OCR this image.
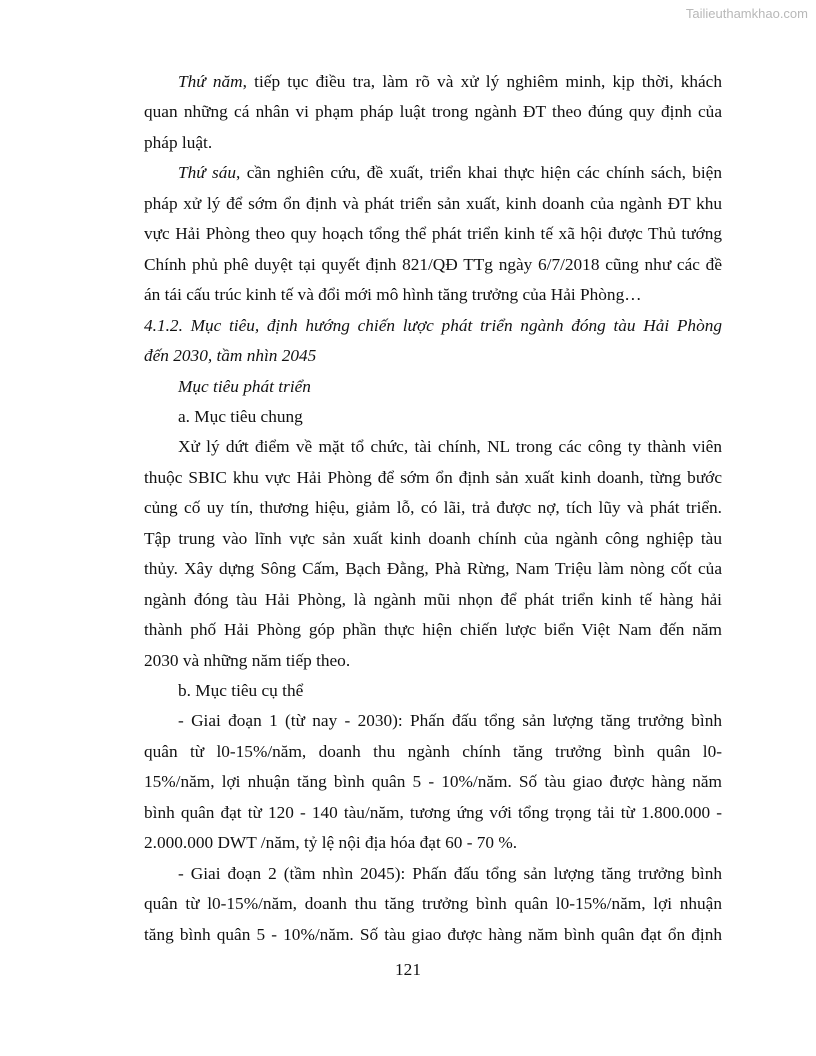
Tailieuthamkhao.com
Thứ năm, tiếp tục điều tra, làm rõ và xử lý nghiêm minh, kịp thời, khách
quan những cá nhân vi phạm pháp luật trong ngành ĐT theo đúng quy định của
pháp luật.
Thứ sáu, cần nghiên cứu, đề xuất, triển khai thực hiện các chính sách, biện
pháp xử lý để sớm ổn định và phát triển sản xuất, kinh doanh của ngành ĐT khu
vực Hải Phòng theo quy hoạch tổng thể phát triển kinh tế xã hội được Thủ tướng
Chính phủ phê duyệt tại quyết định 821/QĐ TTg ngày 6/7/2018 cũng như các đề
án tái cấu trúc kinh tế và đổi mới mô hình tăng trưởng của Hải Phòng…
4.1.2. Mục tiêu, định hướng chiến lược phát triển ngành đóng tàu Hải Phòng
đến 2030, tầm nhìn 2045
Mục tiêu phát triển
a. Mục tiêu chung
Xử lý dứt điểm về mặt tổ chức, tài chính, NL trong các công ty thành viên
thuộc SBIC khu vực Hải Phòng để sớm ổn định sản xuất kinh doanh, từng bước
củng cố uy tín, thương hiệu, giảm lỗ, có lãi, trả được nợ, tích lũy và phát triển.
Tập trung vào lĩnh vực sản xuất kinh doanh chính của ngành công nghiệp tàu
thủy. Xây dựng Sông Cấm, Bạch Đằng, Phà Rừng, Nam Triệu làm nòng cốt của
ngành đóng tàu Hải Phòng, là ngành mũi nhọn để phát triển kinh tế hàng hải
thành phố Hải Phòng góp phần thực hiện chiến lược biển Việt Nam đến năm
2030 và những năm tiếp theo.
b. Mục tiêu cụ thể
- Giai đoạn 1 (từ nay - 2030): Phấn đấu tổng sản lượng tăng trưởng bình
quân từ l0-15%/năm, doanh thu ngành chính tăng trưởng bình quân l0-
15%/năm, lợi nhuận tăng bình quân 5 - 10%/năm. Số tàu giao được hàng năm
bình quân đạt từ 120 - 140 tàu/năm, tương ứng với tổng trọng tải từ 1.800.000 -
2.000.000 DWT /năm, tỷ lệ nội địa hóa đạt 60 - 70 %.
- Giai đoạn 2 (tầm nhìn 2045): Phấn đấu tổng sản lượng tăng trưởng bình
quân từ l0-15%/năm, doanh thu tăng trưởng bình quân l0-15%/năm, lợi nhuận
tăng bình quân 5 - 10%/năm. Số tàu giao được hàng năm bình quân đạt ổn định
121
